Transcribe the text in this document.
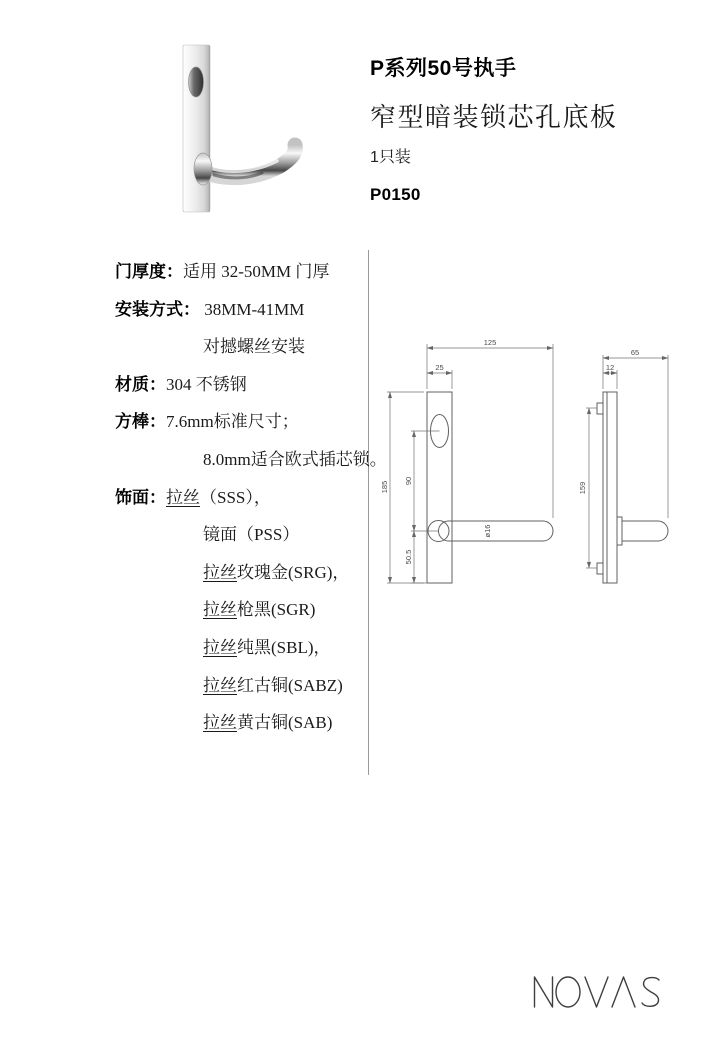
P系列50号执手
窄型暗装锁芯孔底板
1只装
P0150
门厚度：适用 32-50MM 门厚
安装方式： 38MM-41MM
对撼螺丝安装
材质：304 不锈钢
方棒：7.6mm标准尺寸；
8.0mm适合欧式插芯锁。
饰面：拉丝（SSS），
镜面（PSS）
拉丝玫瑰金(SRG)，
拉丝枪黑(SGR)
拉丝纯黑(SBL)，
拉丝红古铜(SABZ)
拉丝黄古铜(SAB)
125
25
185 90
50.5
ø16
65
12
159
